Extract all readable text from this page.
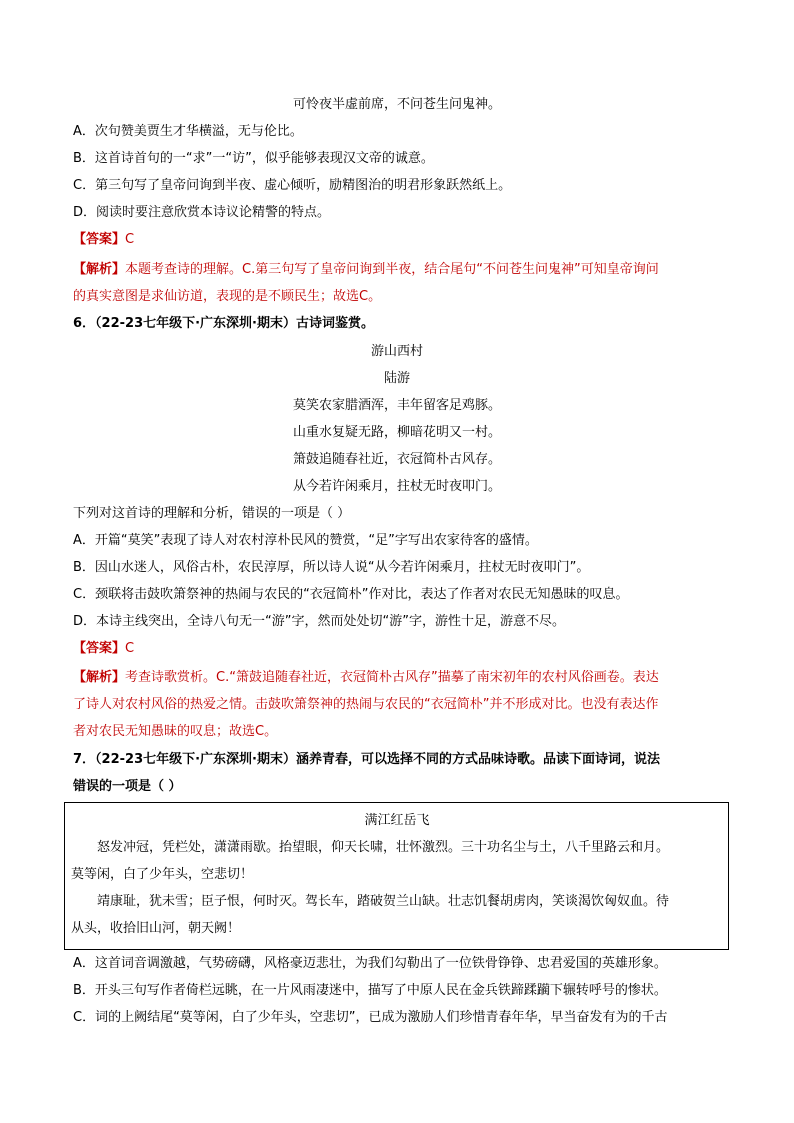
可怜夜半虚前席，不问苍生问鬼神。
A．次句赞美贾生才华横溢，无与伦比。
B．这首诗首句的一“求”一“访”，似乎能够表现汉文帝的诚意。
C．第三句写了皇帝问询到半夜、虚心倾听，励精图治的明君形象跃然纸上。
D．阅读时要注意欣赏本诗议论精警的特点。
【答案】C
【解析】本题考查诗的理解。C.第三句写了皇帝问询到半夜，结合尾句“不问苍生问鬼神”可知皇帝询问
的真实意图是求仙访道，表现的是不顾民生；故选C。
6．（22-23七年级下·广东深圳·期末）古诗词鉴赏。
游山西村
陆游
莫笑农家腊酒浑，丰年留客足鸡豚。
山重水复疑无路，柳暗花明又一村。
箫鼓追随春社近，衣冠简朴古风存。
从今若许闲乘月，拄杖无时夜叩门。
下列对这首诗的理解和分析，错误的一项是（ ）
A．开篇“莫笑”表现了诗人对农村淳朴民风的赞赏，“足”字写出农家待客的盛情。
B．因山水迷人，风俗古朴，农民淳厚，所以诗人说“从今若许闲乘月，拄杖无时夜叩门”。
C．颈联将击鼓吹箫祭神的热闹与农民的“衣冠简朴”作对比，表达了作者对农民无知愚昧的叹息。
D．本诗主线突出，全诗八句无一“游”字，然而处处切“游”字，游性十足，游意不尽。
【答案】C
【解析】考查诗歌赏析。C.“箫鼓追随春社近，衣冠简朴古风存”描摹了南宋初年的农村风俗画卷。表达
了诗人对农村风俗的热爱之情。击鼓吹箫祭神的热闹与农民的“衣冠简朴”并不形成对比。也没有表达作
者对农民无知愚昧的叹息；故选C。
7．（22-23七年级下·广东深圳·期末）涵养青春，可以选择不同的方式品味诗歌。品读下面诗词，说法
错误的一项是（ ）
满江红岳飞
　　怒发冲冠，凭栏处，潇潇雨歇。抬望眼，仰天长啸，壮怀激烈。三十功名尘与土，八千里路云和月。
莫等闲，白了少年头，空悲切！
　　靖康耻，犹未雪；臣子恨，何时灭。驾长车，踏破贺兰山缺。壮志饥餐胡虏肉，笑谈渴饮匈奴血。待
从头，收拾旧山河，朝天阙！
A．这首词音调激越，气势磅礴，风格豪迈悲壮，为我们勾勒出了一位铁骨铮铮、忠君爱国的英雄形象。
B．开头三句写作者倚栏远眺，在一片风雨凄迷中，描写了中原人民在金兵铁蹄蹂躏下辗转呼号的惨状。
C．词的上阙结尾“莫等闲，白了少年头，空悲切”，已成为激励人们珍惜青春年华，早当奋发有为的千古
